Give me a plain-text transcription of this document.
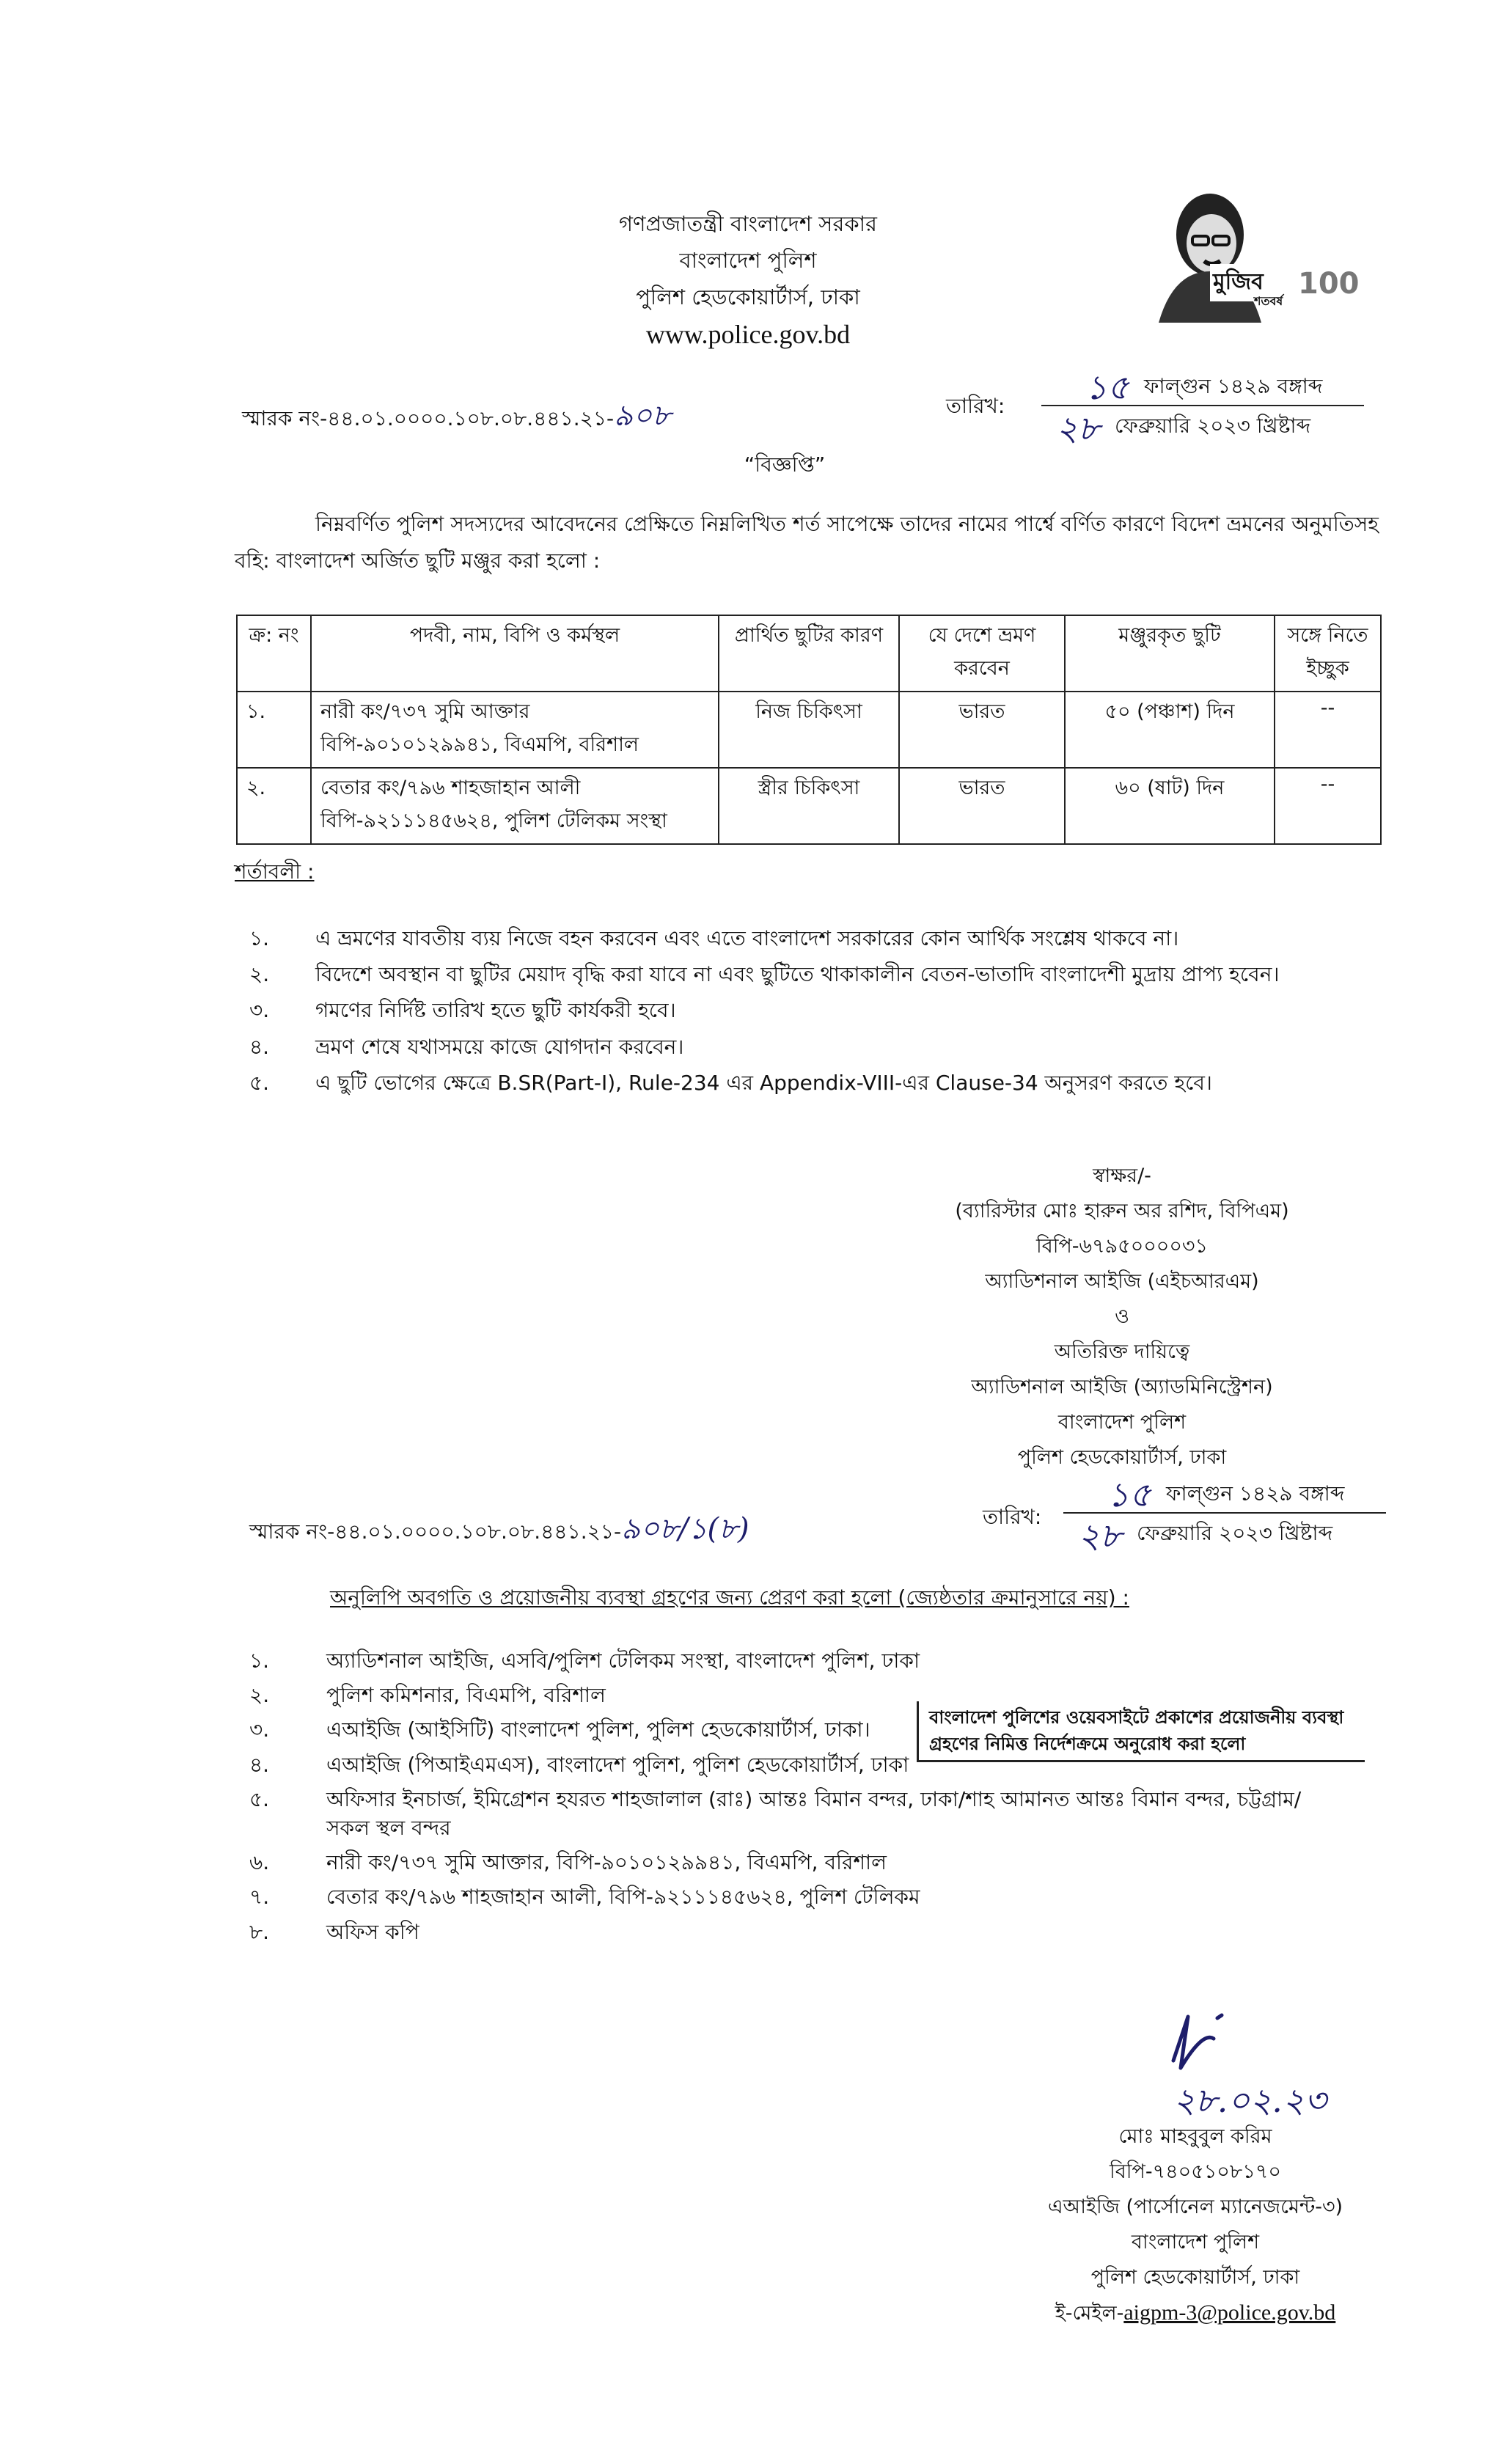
গণপ্রজাতন্ত্রী বাংলাদেশ সরকার
বাংলাদেশ পুলিশ
পুলিশ হেডকোয়ার্টার্স, ঢাকা
www.police.gov.bd
100
মুজিব
শতবর্ষ
স্মারক নং-৪৪.০১.০০০০.১০৮.০৮.৪৪১.২১-৯০৮	তারিখ: ১৫ ফাল্গুন ১৪২৯ বঙ্গাব্দ
২৮ ফেব্রুয়ারি ২০২৩ খ্রিষ্টাব্দ
“বিজ্ঞপ্তি”
নিম্নবর্ণিত পুলিশ সদস্যদের আবেদনের প্রেক্ষিতে নিম্নলিখিত শর্ত সাপেক্ষে তাদের নামের পার্শ্বে বর্ণিত কারণে বিদেশ ভ্রমনের অনুমতিসহ বহি: বাংলাদেশ অর্জিত ছুটি মঞ্জুর করা হলো :
ক্র: নং	পদবী, নাম, বিপি ও কর্মস্থল	প্রার্থিত ছুটির কারণ	যে দেশে ভ্রমণ করবেন	মঞ্জুরকৃত ছুটি	সঙ্গে নিতে ইচ্ছুক
১.	নারী কং/৭৩৭ সুমি আক্তার
বিপি-৯০১০১২৯৯৪১, বিএমপি, বরিশাল	নিজ চিকিৎসা	ভারত	৫০ (পঞ্চাশ) দিন	--
২.	বেতার কং/৭৯৬ শাহজাহান আলী
বিপি-৯২১১১৪৫৬২৪, পুলিশ টেলিকম সংস্থা	স্ত্রীর চিকিৎসা	ভারত	৬০ (ষাট) দিন	--
শর্তাবলী :
১.	এ ভ্রমণের যাবতীয় ব্যয় নিজে বহন করবেন এবং এতে বাংলাদেশ সরকারের কোন আর্থিক সংশ্লেষ থাকবে না।
২.	বিদেশে অবস্থান বা ছুটির মেয়াদ বৃদ্ধি করা যাবে না এবং ছুটিতে থাকাকালীন বেতন-ভাতাদি বাংলাদেশী মুদ্রায় প্রাপ্য হবেন।
৩.	গমণের নির্দিষ্ট তারিখ হতে ছুটি কার্যকরী হবে।
৪.	ভ্রমণ শেষে যথাসময়ে কাজে যোগদান করবেন।
৫.	এ ছুটি ভোগের ক্ষেত্রে B.SR(Part-I), Rule-234 এর Appendix-VIII-এর Clause-34 অনুসরণ করতে হবে।
স্বাক্ষর/-
(ব্যারিস্টার মোঃ হারুন অর রশিদ, বিপিএম)
বিপি-৬৭৯৫০০০০৩১
অ্যাডিশনাল আইজি (এইচআরএম)
ও
অতিরিক্ত দায়িত্বে
অ্যাডিশনাল আইজি (অ্যাডমিনিস্ট্রেশন)
বাংলাদেশ পুলিশ
পুলিশ হেডকোয়ার্টার্স, ঢাকা
স্মারক নং-৪৪.০১.০০০০.১০৮.০৮.৪৪১.২১-৯০৮/১(৮)	তারিখ:
১৫ ফাল্গুন ১৪২৯ বঙ্গাব্দ
২৮ ফেব্রুয়ারি ২০২৩ খ্রিষ্টাব্দ
অনুলিপি অবগতি ও প্রয়োজনীয় ব্যবস্থা গ্রহণের জন্য প্রেরণ করা হলো (জ্যেষ্ঠতার ক্রমানুসারে নয়) :
১.	অ্যাডিশনাল আইজি, এসবি/পুলিশ টেলিকম সংস্থা, বাংলাদেশ পুলিশ, ঢাকা
২.	পুলিশ কমিশনার, বিএমপি, বরিশাল
৩.	এআইজি (আইসিটি) বাংলাদেশ পুলিশ, পুলিশ হেডকোয়ার্টার্স, ঢাকা।
৪.	এআইজি (পিআইএমএস), বাংলাদেশ পুলিশ, পুলিশ হেডকোয়ার্টার্স, ঢাকা
৫.	অফিসার ইনচার্জ, ইমিগ্রেশন হযরত শাহজালাল (রাঃ) আন্তঃ বিমান বন্দর, ঢাকা/শাহ আমানত আন্তঃ বিমান বন্দর, চট্টগ্রাম/ সকল স্থল বন্দর
৬.	নারী কং/৭৩৭ সুমি আক্তার, বিপি-৯০১০১২৯৯৪১, বিএমপি, বরিশাল
৭.	বেতার কং/৭৯৬ শাহজাহান আলী, বিপি-৯২১১১৪৫৬২৪, পুলিশ টেলিকম
৮.	অফিস কপি
বাংলাদেশ পুলিশের ওয়েবসাইটে প্রকাশের প্রয়োজনীয় ব্যবস্থা গ্রহণের নিমিত্ত নির্দেশক্রমে অনুরোধ করা হলো
২৮.০২.২৩
মোঃ মাহবুবুল করিম
বিপি-৭৪০৫১০৮১৭০
এআইজি (পার্সোনেল ম্যানেজমেন্ট-৩)
বাংলাদেশ পুলিশ
পুলিশ হেডকোয়ার্টার্স, ঢাকা
ই-মেইল-aigpm-3@police.gov.bd
